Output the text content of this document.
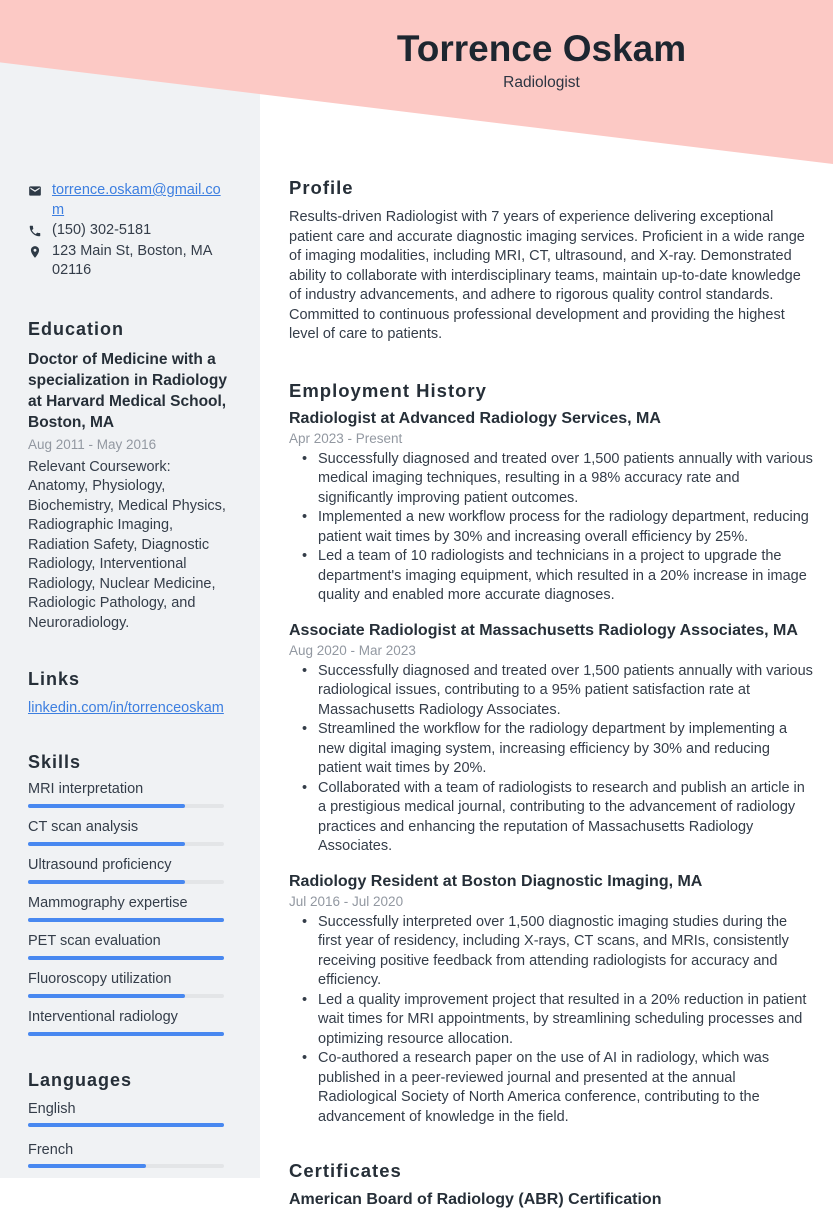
torrence.oskam@gmail.com
(150) 302-5181
123 Main St, Boston, MA 02116
Education
Doctor of Medicine with a specialization in Radiology at Harvard Medical School, Boston, MA
Aug 2011 - May 2016
Relevant Coursework: Anatomy, Physiology, Biochemistry, Medical Physics, Radiographic Imaging, Radiation Safety, Diagnostic Radiology, Interventional Radiology, Nuclear Medicine, Radiologic Pathology, and Neuroradiology.
Links
linkedin.com/in/torrenceoskam
Skills
MRI interpretation
CT scan analysis
Ultrasound proficiency
Mammography expertise
PET scan evaluation
Fluoroscopy utilization
Interventional radiology
Languages
English
French
Torrence Oskam
Radiologist
Profile

Results-driven Radiologist with 7 years of experience delivering exceptional patient care and accurate diagnostic imaging services. Proficient in a wide range of imaging modalities, including MRI, CT, ultrasound, and X-ray. Demonstrated ability to collaborate with interdisciplinary teams, maintain up-to-date knowledge of industry advancements, and adhere to rigorous quality control standards. Committed to continuous professional development and providing the highest level of care to patients.

Employment History
Radiologist at Advanced Radiology Services, MA
Apr 2023 - Present
• Successfully diagnosed and treated over 1,500 patients annually with various medical imaging techniques, resulting in a 98% accuracy rate and significantly improving patient outcomes.
• Implemented a new workflow process for the radiology department, reducing patient wait times by 30% and increasing overall efficiency by 25%.
• Led a team of 10 radiologists and technicians in a project to upgrade the department's imaging equipment, which resulted in a 20% increase in image quality and enabled more accurate diagnoses.
Associate Radiologist at Massachusetts Radiology Associates, MA
Aug 2020 - Mar 2023
• Successfully diagnosed and treated over 1,500 patients annually with various radiological issues, contributing to a 95% patient satisfaction rate at Massachusetts Radiology Associates.
• Streamlined the workflow for the radiology department by implementing a new digital imaging system, increasing efficiency by 30% and reducing patient wait times by 20%.
• Collaborated with a team of radiologists to research and publish an article in a prestigious medical journal, contributing to the advancement of radiology practices and enhancing the reputation of Massachusetts Radiology Associates.
Radiology Resident at Boston Diagnostic Imaging, MA
Jul 2016 - Jul 2020
• Successfully interpreted over 1,500 diagnostic imaging studies during the first year of residency, including X-rays, CT scans, and MRIs, consistently receiving positive feedback from attending radiologists for accuracy and efficiency.
• Led a quality improvement project that resulted in a 20% reduction in patient wait times for MRI appointments, by streamlining scheduling processes and optimizing resource allocation.
• Co-authored a research paper on the use of AI in radiology, which was published in a peer-reviewed journal and presented at the annual Radiological Society of North America conference, contributing to the advancement of knowledge in the field.
Certificates
American Board of Radiology (ABR) Certification
